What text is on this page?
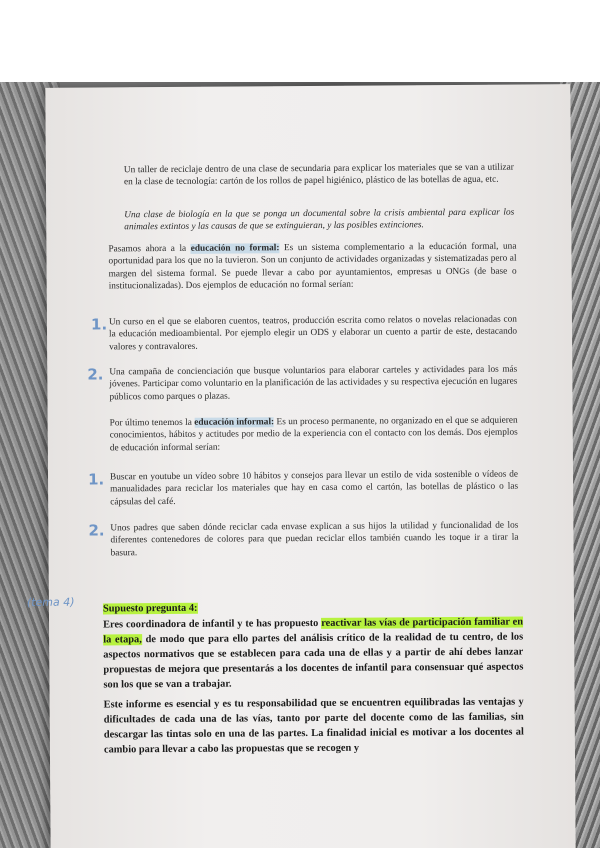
Un taller de reciclaje dentro de una clase de secundaria para explicar los materiales que se van a utilizar en la clase de tecnología: cartón de los rollos de papel higiénico, plástico de las botellas de agua, etc.
Una clase de biología en la que se ponga un documental sobre la crisis ambiental para explicar los animales extintos y las causas de que se extinguieran, y las posibles extinciones.
Pasamos ahora a la educación no formal: Es un sistema complementario a la educación formal, una oportunidad para los que no la tuvieron. Son un conjunto de actividades organizadas y sistematizadas pero al margen del sistema formal. Se puede llevar a cabo por ayuntamientos, empresas u ONGs (de base o institucionalizadas). Dos ejemplos de educación no formal serían:
1. Un curso en el que se elaboren cuentos, teatros, producción escrita como relatos o novelas relacionadas con la educación medioambiental. Por ejemplo elegir un ODS y elaborar un cuento a partir de este, destacando valores y contravalores.
2. Una campaña de concienciación que busque voluntarios para elaborar carteles y actividades para los más jóvenes. Participar como voluntario en la planificación de las actividades y su respectiva ejecución en lugares públicos como parques o plazas.
Por último tenemos la educación informal: Es un proceso permanente, no organizado en el que se adquieren conocimientos, hábitos y actitudes por medio de la experiencia con el contacto con los demás. Dos ejemplos de educación informal serían:
1. Buscar en youtube un vídeo sobre 10 hábitos y consejos para llevar un estilo de vida sostenible o vídeos de manualidades para reciclar los materiales que hay en casa como el cartón, las botellas de plástico o las cápsulas del café.
2. Unos padres que saben dónde reciclar cada envase explican a sus hijos la utilidad y funcionalidad de los diferentes contenedores de colores para que puedan reciclar ellos también cuando les toque ir a tirar la basura.
(tema 4)	Supuesto pregunta 4:
Eres coordinadora de infantil y te has propuesto reactivar las vías de participación familiar en la etapa, de modo que para ello partes del análisis crítico de la realidad de tu centro, de los aspectos normativos que se establecen para cada una de ellas y a partir de ahí debes lanzar propuestas de mejora que presentarás a los docentes de infantil para consensuar qué aspectos son los que se van a trabajar.
Este informe es esencial y es tu responsabilidad que se encuentren equilibradas las ventajas y dificultades de cada una de las vías, tanto por parte del docente como de las familias, sin descargar las tintas solo en una de las partes. La finalidad inicial es motivar a los docentes al cambio para llevar a cabo las propuestas que se recogen y
